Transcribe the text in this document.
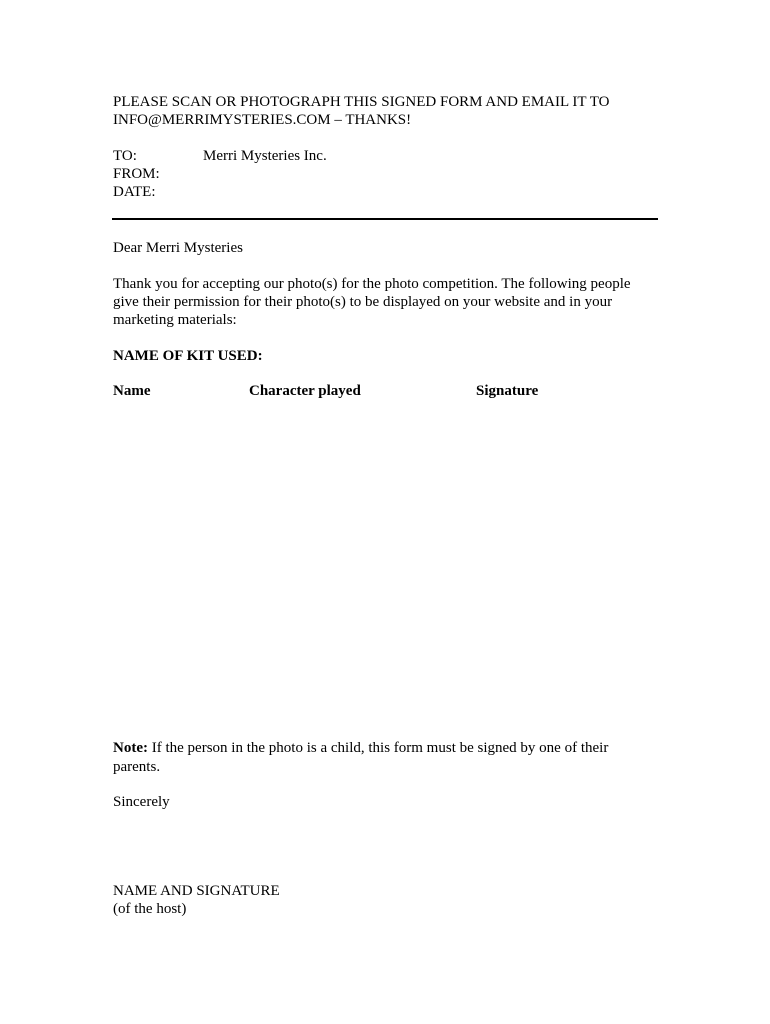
PLEASE SCAN OR PHOTOGRAPH THIS SIGNED FORM AND EMAIL IT TO
INFO@MERRIMYSTERIES.COM – THANKS!
TO:	Merri Mysteries Inc.
FROM:
DATE:
Dear Merri Mysteries
Thank you for accepting our photo(s) for the photo competition. The following people
give their permission for their photo(s) to be displayed on your website and in your
marketing materials:
NAME OF KIT USED:
Name	Character played	Signature
Note: If the person in the photo is a child, this form must be signed by one of their
parents.
Sincerely
NAME AND SIGNATURE
(of the host)
